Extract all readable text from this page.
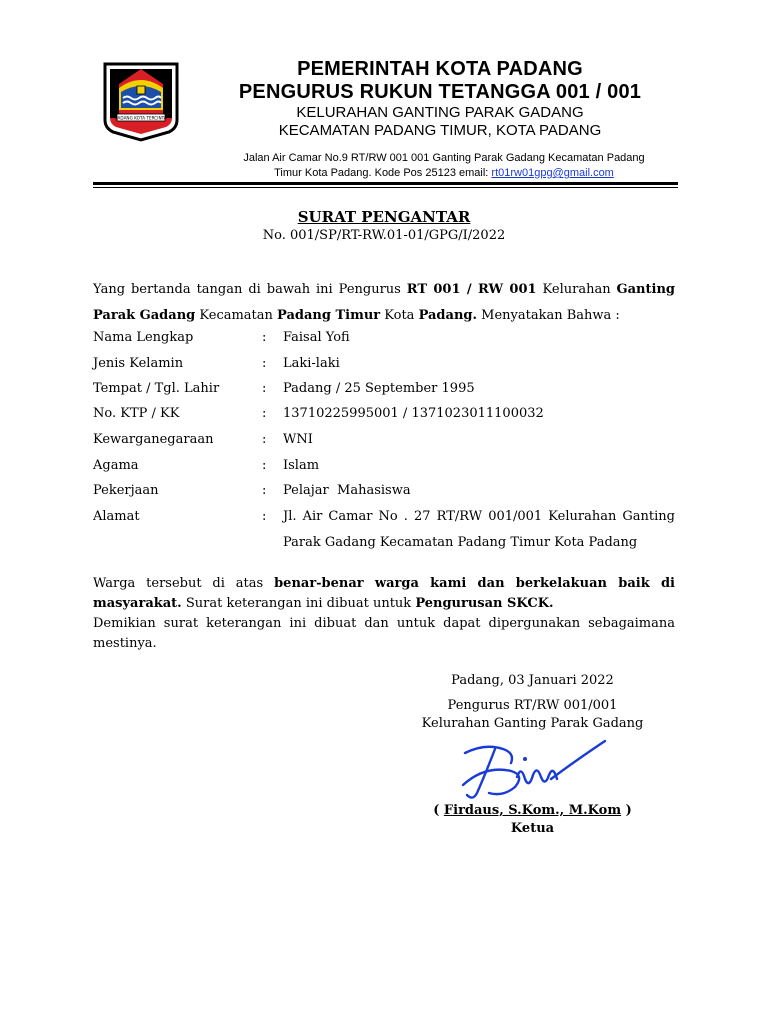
PADANG KOTA TERCINTA
PEMERINTAH KOTA PADANG
PENGURUS RUKUN TETANGGA 001 / 001
KELURAHAN GANTING PARAK GADANG
KECAMATAN PADANG TIMUR, KOTA PADANG
Jalan Air Camar No.9 RT/RW 001 001 Ganting Parak Gadang Kecamatan Padang
Timur Kota Padang. Kode Pos 25123 email: rt01rw01gpg@gmail.com
SURAT PENGANTAR
No. 001/SP/RT-RW.01-01/GPG/I/2022
Yang bertanda tangan di bawah ini Pengurus RT 001 / RW 001 Kelurahan Ganting Parak Gadang Kecamatan Padang Timur Kota Padang. Menyatakan Bahwa :
Nama Lengkap	: Faisal Yofi
Jenis Kelamin	: Laki-laki
Tempat / Tgl. Lahir	: Padang / 25 September 1995
No. KTP / KK	: 13710225995001 / 1371023011100032
Kewarganegaraan	: WNI
Agama	: Islam
Pekerjaan	: Pelajar  Mahasiswa
Alamat	: Jl. Air Camar No . 27 RT/RW 001/001 Kelurahan Ganting Parak Gadang Kecamatan Padang Timur Kota Padang
Warga tersebut di atas benar-benar warga kami dan berkelakuan baik di masyarakat. Surat keterangan ini dibuat untuk Pengurusan SKCK.
Demikian surat keterangan ini dibuat dan untuk dapat dipergunakan sebagaimana mestinya.
Padang, 03 Januari 2022
Pengurus RT/RW 001/001
Kelurahan Ganting Parak Gadang
( Firdaus, S.Kom., M.Kom )
Ketua
